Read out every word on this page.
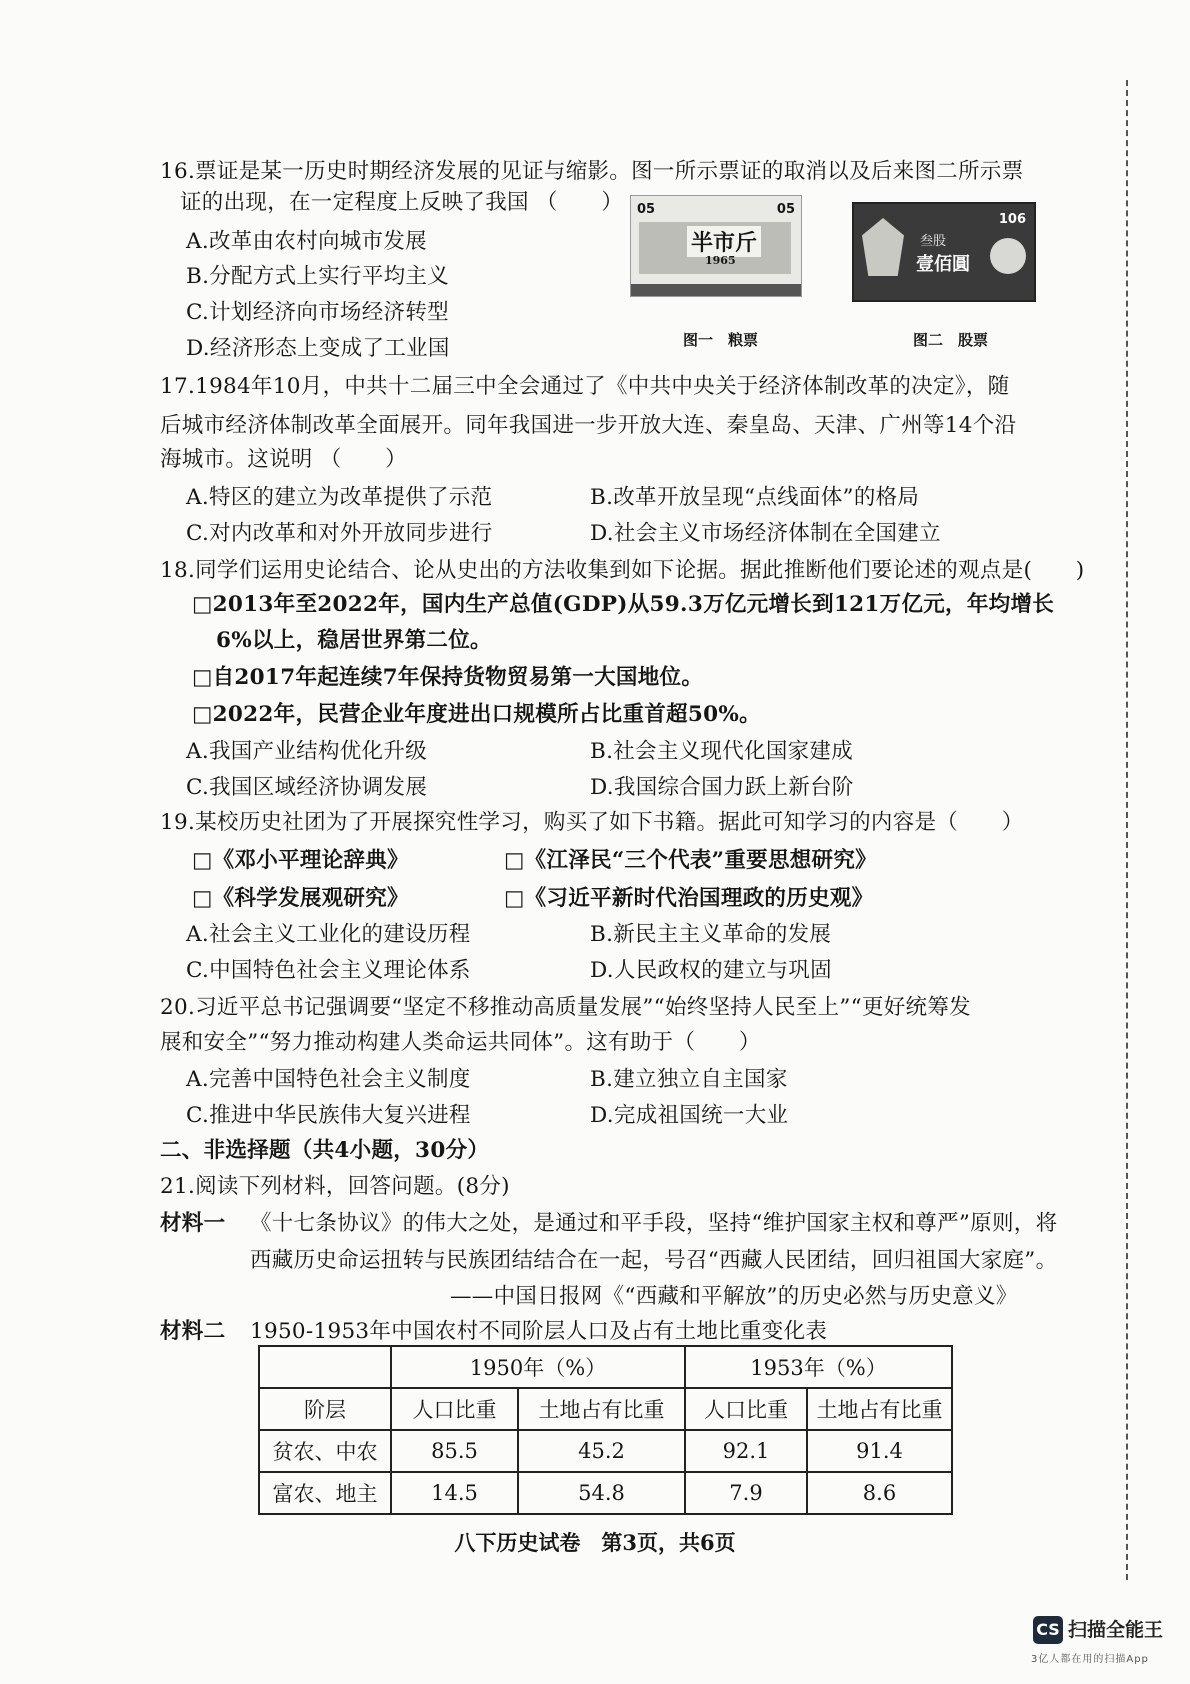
16.票证是某一历史时期经济发展的见证与缩影。图一所示票证的取消以及后来图二所示票
证的出现，在一定程度上反映了我国 （　　）
A.改革由农村向城市发展
B.分配方式上实行平均主义
C.计划经济向市场经济转型
D.经济形态上变成了工业国
05	05
半市斤
1965
图一　粮票
106
叁股
壹佰圓
图二　股票
17.1984年10月，中共十二届三中全会通过了《中共中央关于经济体制改革的决定》，随
后城市经济体制改革全面展开。同年我国进一步开放大连、秦皇岛、天津、广州等14个沿
海城市。这说明 （　　）
A.特区的建立为改革提供了示范	B.改革开放呈现“点线面体”的格局
C.对内改革和对外开放同步进行	D.社会主义市场经济体制在全国建立
18.同学们运用史论结合、论从史出的方法收集到如下论据。据此推断他们要论述的观点是(　　)
□2013年至2022年，国内生产总值(GDP)从59.3万亿元增长到121万亿元，年均增长
6%以上，稳居世界第二位。
□自2017年起连续7年保持货物贸易第一大国地位。
□2022年，民营企业年度进出口规模所占比重首超50%。
A.我国产业结构优化升级	B.社会主义现代化国家建成
C.我国区域经济协调发展	D.我国综合国力跃上新台阶
19.某校历史社团为了开展探究性学习，购买了如下书籍。据此可知学习的内容是（　　）
□《邓小平理论辞典》	□《江泽民“三个代表”重要思想研究》
□《科学发展观研究》	□《习近平新时代治国理政的历史观》
A.社会主义工业化的建设历程	B.新民主主义革命的发展
C.中国特色社会主义理论体系	D.人民政权的建立与巩固
20.习近平总书记强调要“坚定不移推动高质量发展”“始终坚持人民至上”“更好统筹发
展和安全”“努力推动构建人类命运共同体”。这有助于（　　）
A.完善中国特色社会主义制度	B.建立独立自主国家
C.推进中华民族伟大复兴进程	D.完成祖国统一大业
二、非选择题（共4小题，30分）
21.阅读下列材料，回答问题。(8分)
材料一 《十七条协议》的伟大之处，是通过和平手段，坚持“维护国家主权和尊严”原则，将
西藏历史命运扭转与民族团结结合在一起，号召“西藏人民团结，回归祖国大家庭”。
——中国日报网《“西藏和平解放”的历史必然与历史意义》
材料二 1950-1953年中国农村不同阶层人口及占有土地比重变化表
	1950年（%）		1953年（%）	
阶层	人口比重	土地占有比重	人口比重	土地占有比重
贫农、中农	85.5	45.2	92.1	91.4
富农、地主	14.5	54.8	7.9	8.6
八下历史试卷　第3页，共6页
CS 扫描全能王
3亿人都在用的扫描App
